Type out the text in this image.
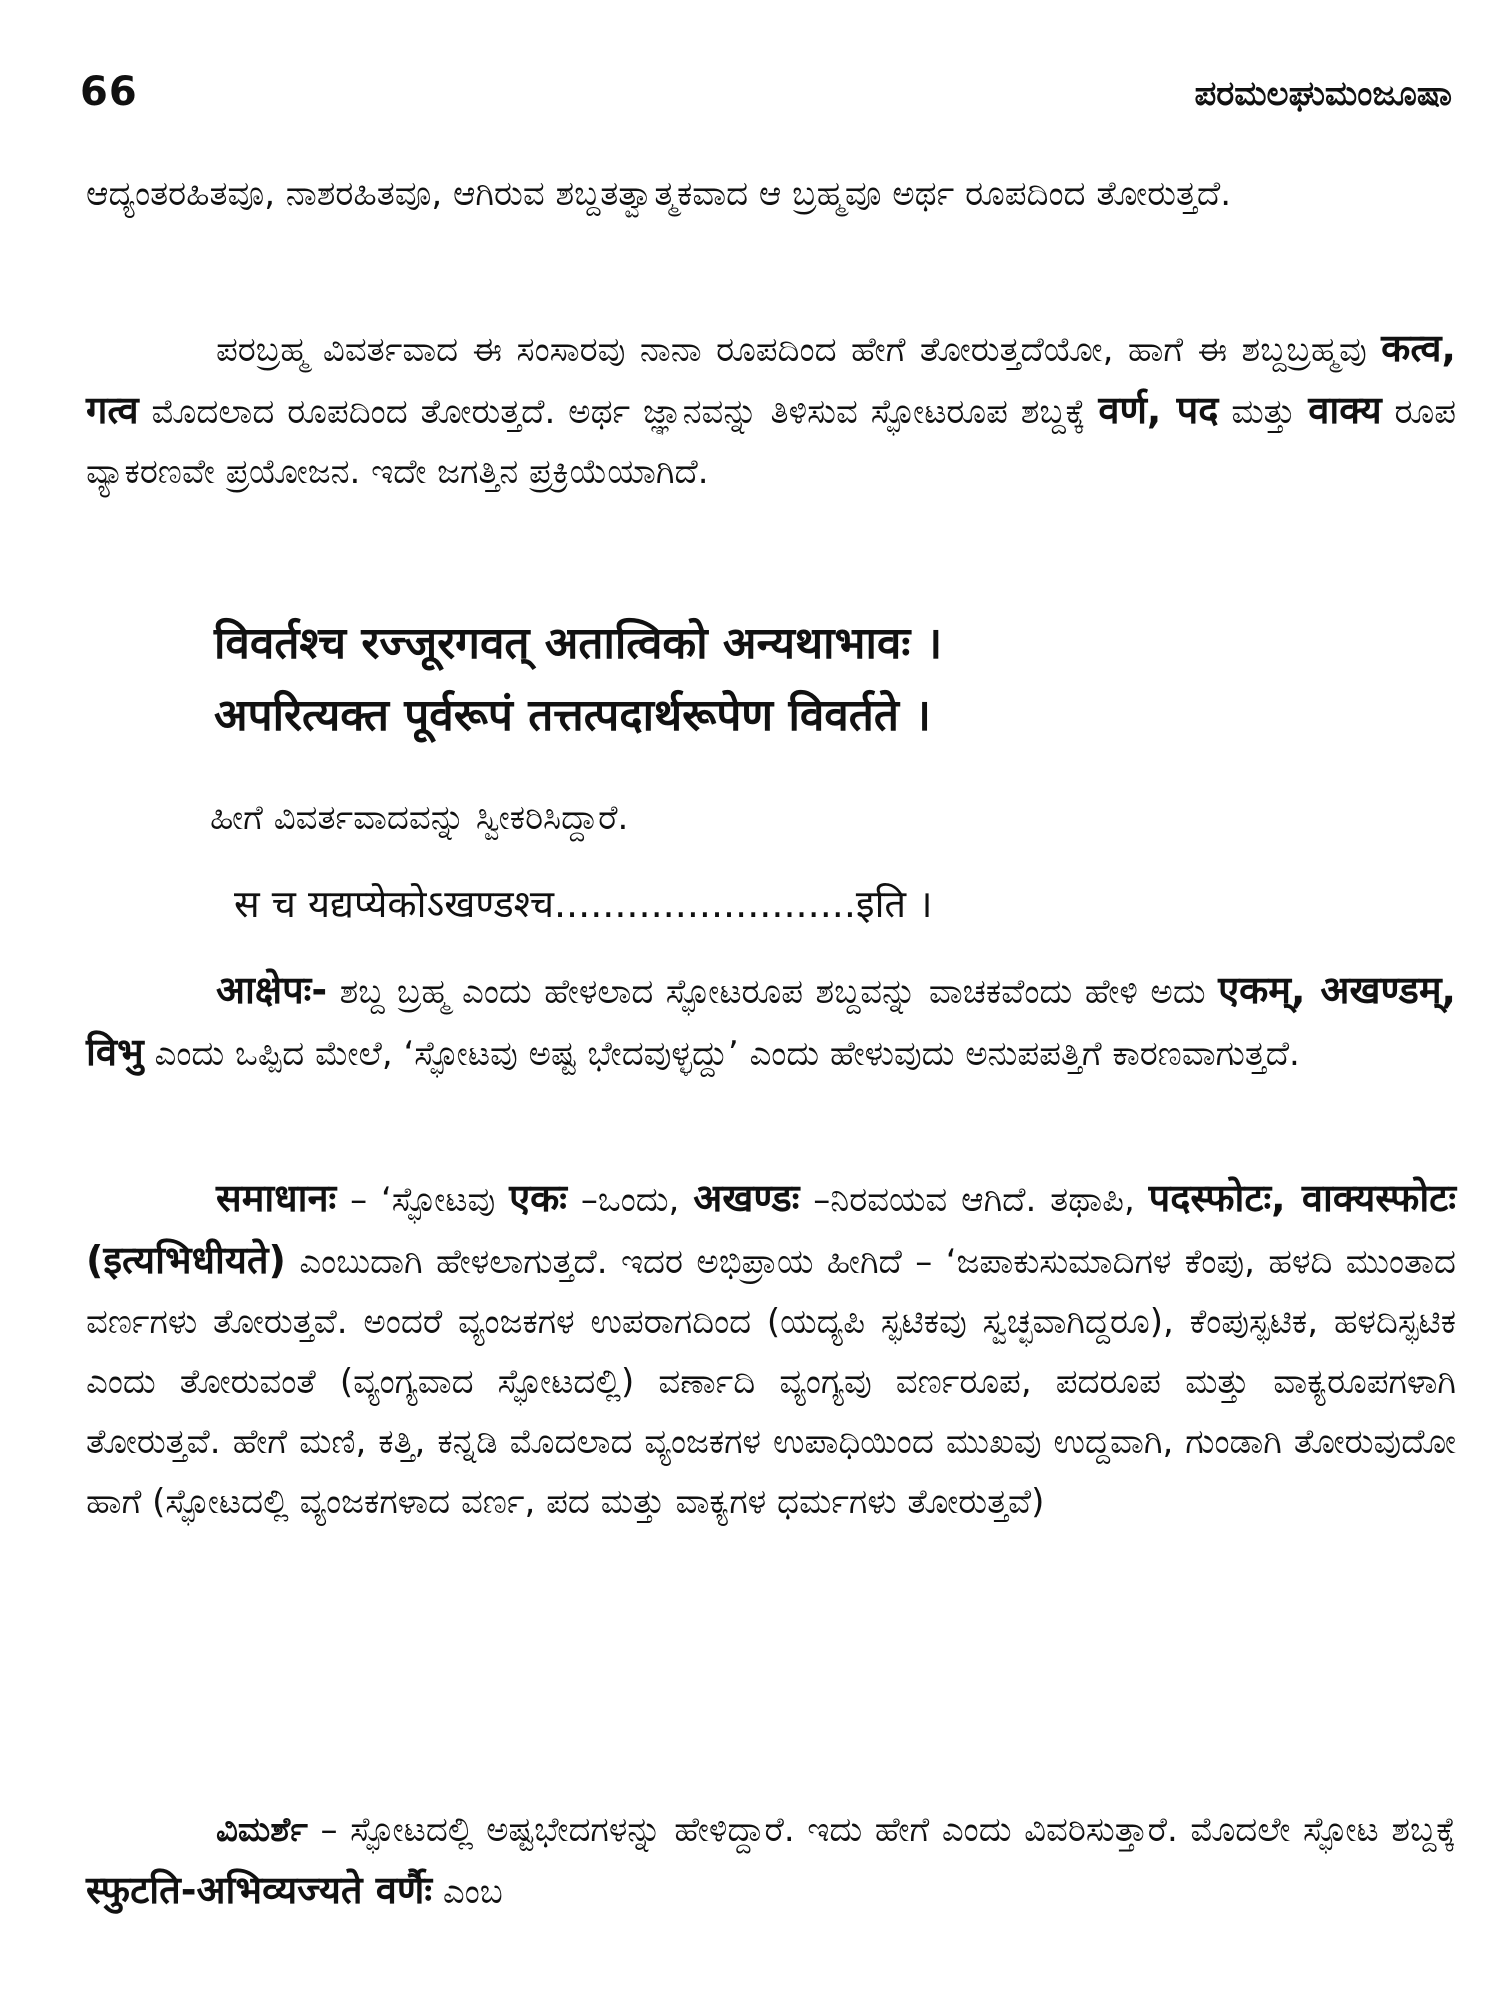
66	ಪರಮಲಘುಮಂಜೂಷಾ

ಆದ್ಯಂತರಹಿತವೂ, ನಾಶರಹಿತವೂ, ಆಗಿರುವ ಶಬ್ದತತ್ವಾತ್ಮಕವಾದ ಆ ಬ್ರಹ್ಮವೂ ಅರ್ಥ ರೂಪದಿಂದ ತೋರುತ್ತದೆ.

ಪರಬ್ರಹ್ಮ ವಿವರ್ತವಾದ ಈ ಸಂಸಾರವು ನಾನಾ ರೂಪದಿಂದ ಹೇಗೆ ತೋರುತ್ತದೆಯೋ, ಹಾಗೆ ಈ ಶಬ್ದಬ್ರಹ್ಮವು कत्व, गत्व ಮೊದಲಾದ ರೂಪದಿಂದ ತೋರುತ್ತದೆ. ಅರ್ಥ ಜ್ಞಾನವನ್ನು ತಿಳಿಸುವ ಸ್ಫೋಟರೂಪ ಶಬ್ದಕ್ಕೆ वर्ण, पद ಮತ್ತು वाक्य ರೂಪ ವ್ಯಾಕರಣವೇ ಪ್ರಯೋಜನ. ಇದೇ ಜಗತ್ತಿನ ಪ್ರಕ್ರಿಯೆಯಾಗಿದೆ.

विवर्तश्च रज्जूरगवत् अतात्विको अन्यथाभावः ।
अपरित्यक्त पूर्वरूपं तत्तत्पदार्थरूपेण विवर्तते ।
ಹೀಗೆ ವಿವರ್ತವಾದವನ್ನು ಸ್ವೀಕರಿಸಿದ್ದಾರೆ.
स च यद्यप्येकोऽखण्डश्च.........................इति ।

आक्षेपः- ಶಬ್ದ ಬ್ರಹ್ಮ ಎಂದು ಹೇಳಲಾದ ಸ್ಫೋಟರೂಪ ಶಬ್ದವನ್ನು ವಾಚಕವೆಂದು ಹೇಳಿ ಅದು एकम्, अखण्डम्, विभु ಎಂದು ಒಪ್ಪಿದ ಮೇಲೆ, ‘ಸ್ಫೋಟವು ಅಷ್ಟ ಭೇದವುಳ್ಳದ್ದು’ ಎಂದು ಹೇಳುವುದು ಅನುಪಪತ್ತಿಗೆ ಕಾರಣವಾಗುತ್ತದೆ.

समाधानः – ‘ಸ್ಫೋಟವು एकः –ಒಂದು, अखण्डः –ನಿರವಯವ ಆಗಿದೆ. ತಥಾಪಿ, पदस्फोटः, वाक्यस्फोटः (इत्यभिधीयते) ಎಂಬುದಾಗಿ ಹೇಳಲಾಗುತ್ತದೆ. ಇದರ ಅಭಿಪ್ರಾಯ ಹೀಗಿದೆ – ‘ಜಪಾಕುಸುಮಾದಿಗಳ ಕೆಂಪು, ಹಳದಿ ಮುಂತಾದ ವರ್ಣಗಳು ತೋರುತ್ತವೆ. ಅಂದರೆ ವ್ಯಂಜಕಗಳ ಉಪರಾಗದಿಂದ (ಯದ್ಯಪಿ ಸ್ಫಟಿಕವು ಸ್ವಚ್ಛವಾಗಿದ್ದರೂ), ಕೆಂಪುಸ್ಫಟಿಕ, ಹಳದಿಸ್ಫಟಿಕ ಎಂದು ತೋರುವಂತೆ (ವ್ಯಂಗ್ಯವಾದ ಸ್ಫೋಟದಲ್ಲಿ) ವರ್ಣಾದಿ ವ್ಯಂಗ್ಯವು ವರ್ಣರೂಪ, ಪದರೂಪ ಮತ್ತು ವಾಕ್ಯರೂಪಗಳಾಗಿ ತೋರುತ್ತವೆ. ಹೇಗೆ ಮಣಿ, ಕತ್ತಿ, ಕನ್ನಡಿ ಮೊದಲಾದ ವ್ಯಂಜಕಗಳ ಉಪಾಧಿಯಿಂದ ಮುಖವು ಉದ್ದವಾಗಿ, ಗುಂಡಾಗಿ ತೋರುವುದೋ ಹಾಗೆ (ಸ್ಫೋಟದಲ್ಲಿ ವ್ಯಂಜಕಗಳಾದ ವರ್ಣ, ಪದ ಮತ್ತು ವಾಕ್ಯಗಳ ಧರ್ಮಗಳು ತೋರುತ್ತವೆ)

ವಿಮರ್ಶೆ – ಸ್ಫೋಟದಲ್ಲಿ ಅಷ್ಟಭೇದಗಳನ್ನು ಹೇಳಿದ್ದಾರೆ. ಇದು ಹೇಗೆ ಎಂದು ವಿವರಿಸುತ್ತಾರೆ. ಮೊದಲೇ ಸ್ಫೋಟ ಶಬ್ದಕ್ಕೆ स्फुटति-अभिव्यज्यते वर्णैः ಎಂಬ
